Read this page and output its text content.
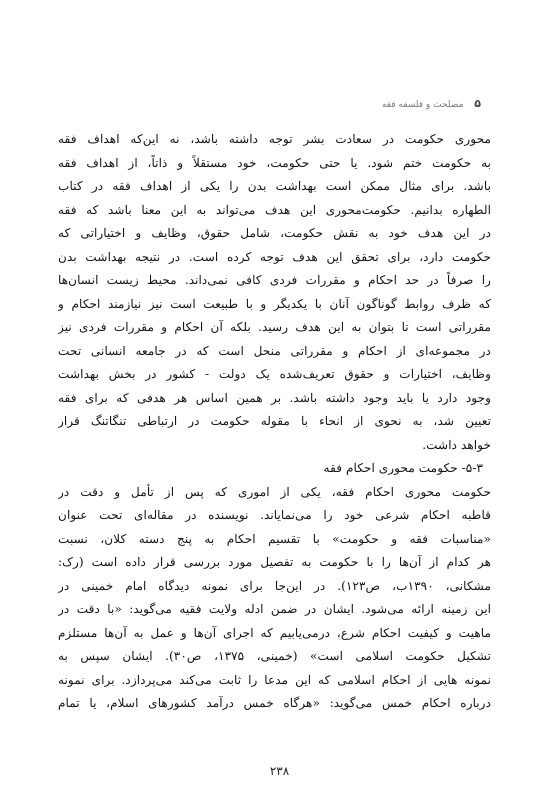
۵ مصلحت و فلسفه فقه
محوری حکومت در سعادت بشر توجه داشته باشد، نه این‌که اهداف فقه
به حکومت ختم شود. یا حتی حکومت، خود مستقلاً و ذاتاً، از اهداف فقه
باشد. برای مثال ممکن است بهداشت بدن را یکی از اهداف فقه در کتاب
الطهاره بدانیم. حکومت‌محوری این هدف می‌تواند به این معنا باشد که فقه
در این هدف خود به نقش حکومت، شامل حقوق، وظایف و اختیاراتی که
حکومت دارد، برای تحقق این هدف توجه کرده است. در نتیجه بهداشت بدن
را صرفاً در حد احکام و مقررات فردی کافی نمی‌داند. محیط زیست انسان‌ها
که ظرف روابط گوناگون آنان با یکدیگر و با طبیعت است نیز نیازمند احکام و
مقرراتی است تا بتوان به این هدف رسید. بلکه آن احکام و مقررات فردی نیز
در مجموعه‌ای از احکام و مقرراتی منحل است که در جامعه انسانی تحت
وظایف، اختیارات و حقوق تعریف‌شده یک دولت - کشور در بخش بهداشت
وجود دارد یا باید وجود داشته باشد. بر همین اساس هر هدفی که برای فقه
تعیین شد، به نحوی از انحاء با مقوله حکومت در ارتباطی تنگاتنگ قرار
خواهد داشت.
۵-۳- حکومت محوری احکام فقه
حکومت محوری احکام فقه، یکی از اموری که پس از تأمل و دقت در
قاطبه احکام شرعی خود را می‌نمایاند. نویسنده در مقاله‌ای تحت عنوان
«مناسبات فقه و حکومت» با تقسیم احکام به پنج دسته کلان، نسبت
هر کدام از آن‌ها را با حکومت به تفصیل مورد بررسی قرار داده است (رک:
مشکانی، ۱۳۹۰ب، ص۱۲۳). در این‌جا برای نمونه دیدگاه امام خمینی در
این زمینه ارائه می‌شود. ایشان در ضمن ادله ولایت فقیه می‌گوید: «با دقت در
ماهیت و کیفیت احکام شرع، درمی‌یابیم که اجرای آن‌ها و عمل به آن‌ها مستلزم
تشکیل حکومت اسلامی است» (خمینی، ۱۳۷۵، ص۳۰). ایشان سپس به
نمونه هایی از احکام اسلامی که این مدعا را ثابت می‌کند می‌پردازد. برای نمونه
درباره احکام خمس می‌گوید: «هرگاه خمس درآمد کشورهای اسلام، یا تمام
۲۳۸
